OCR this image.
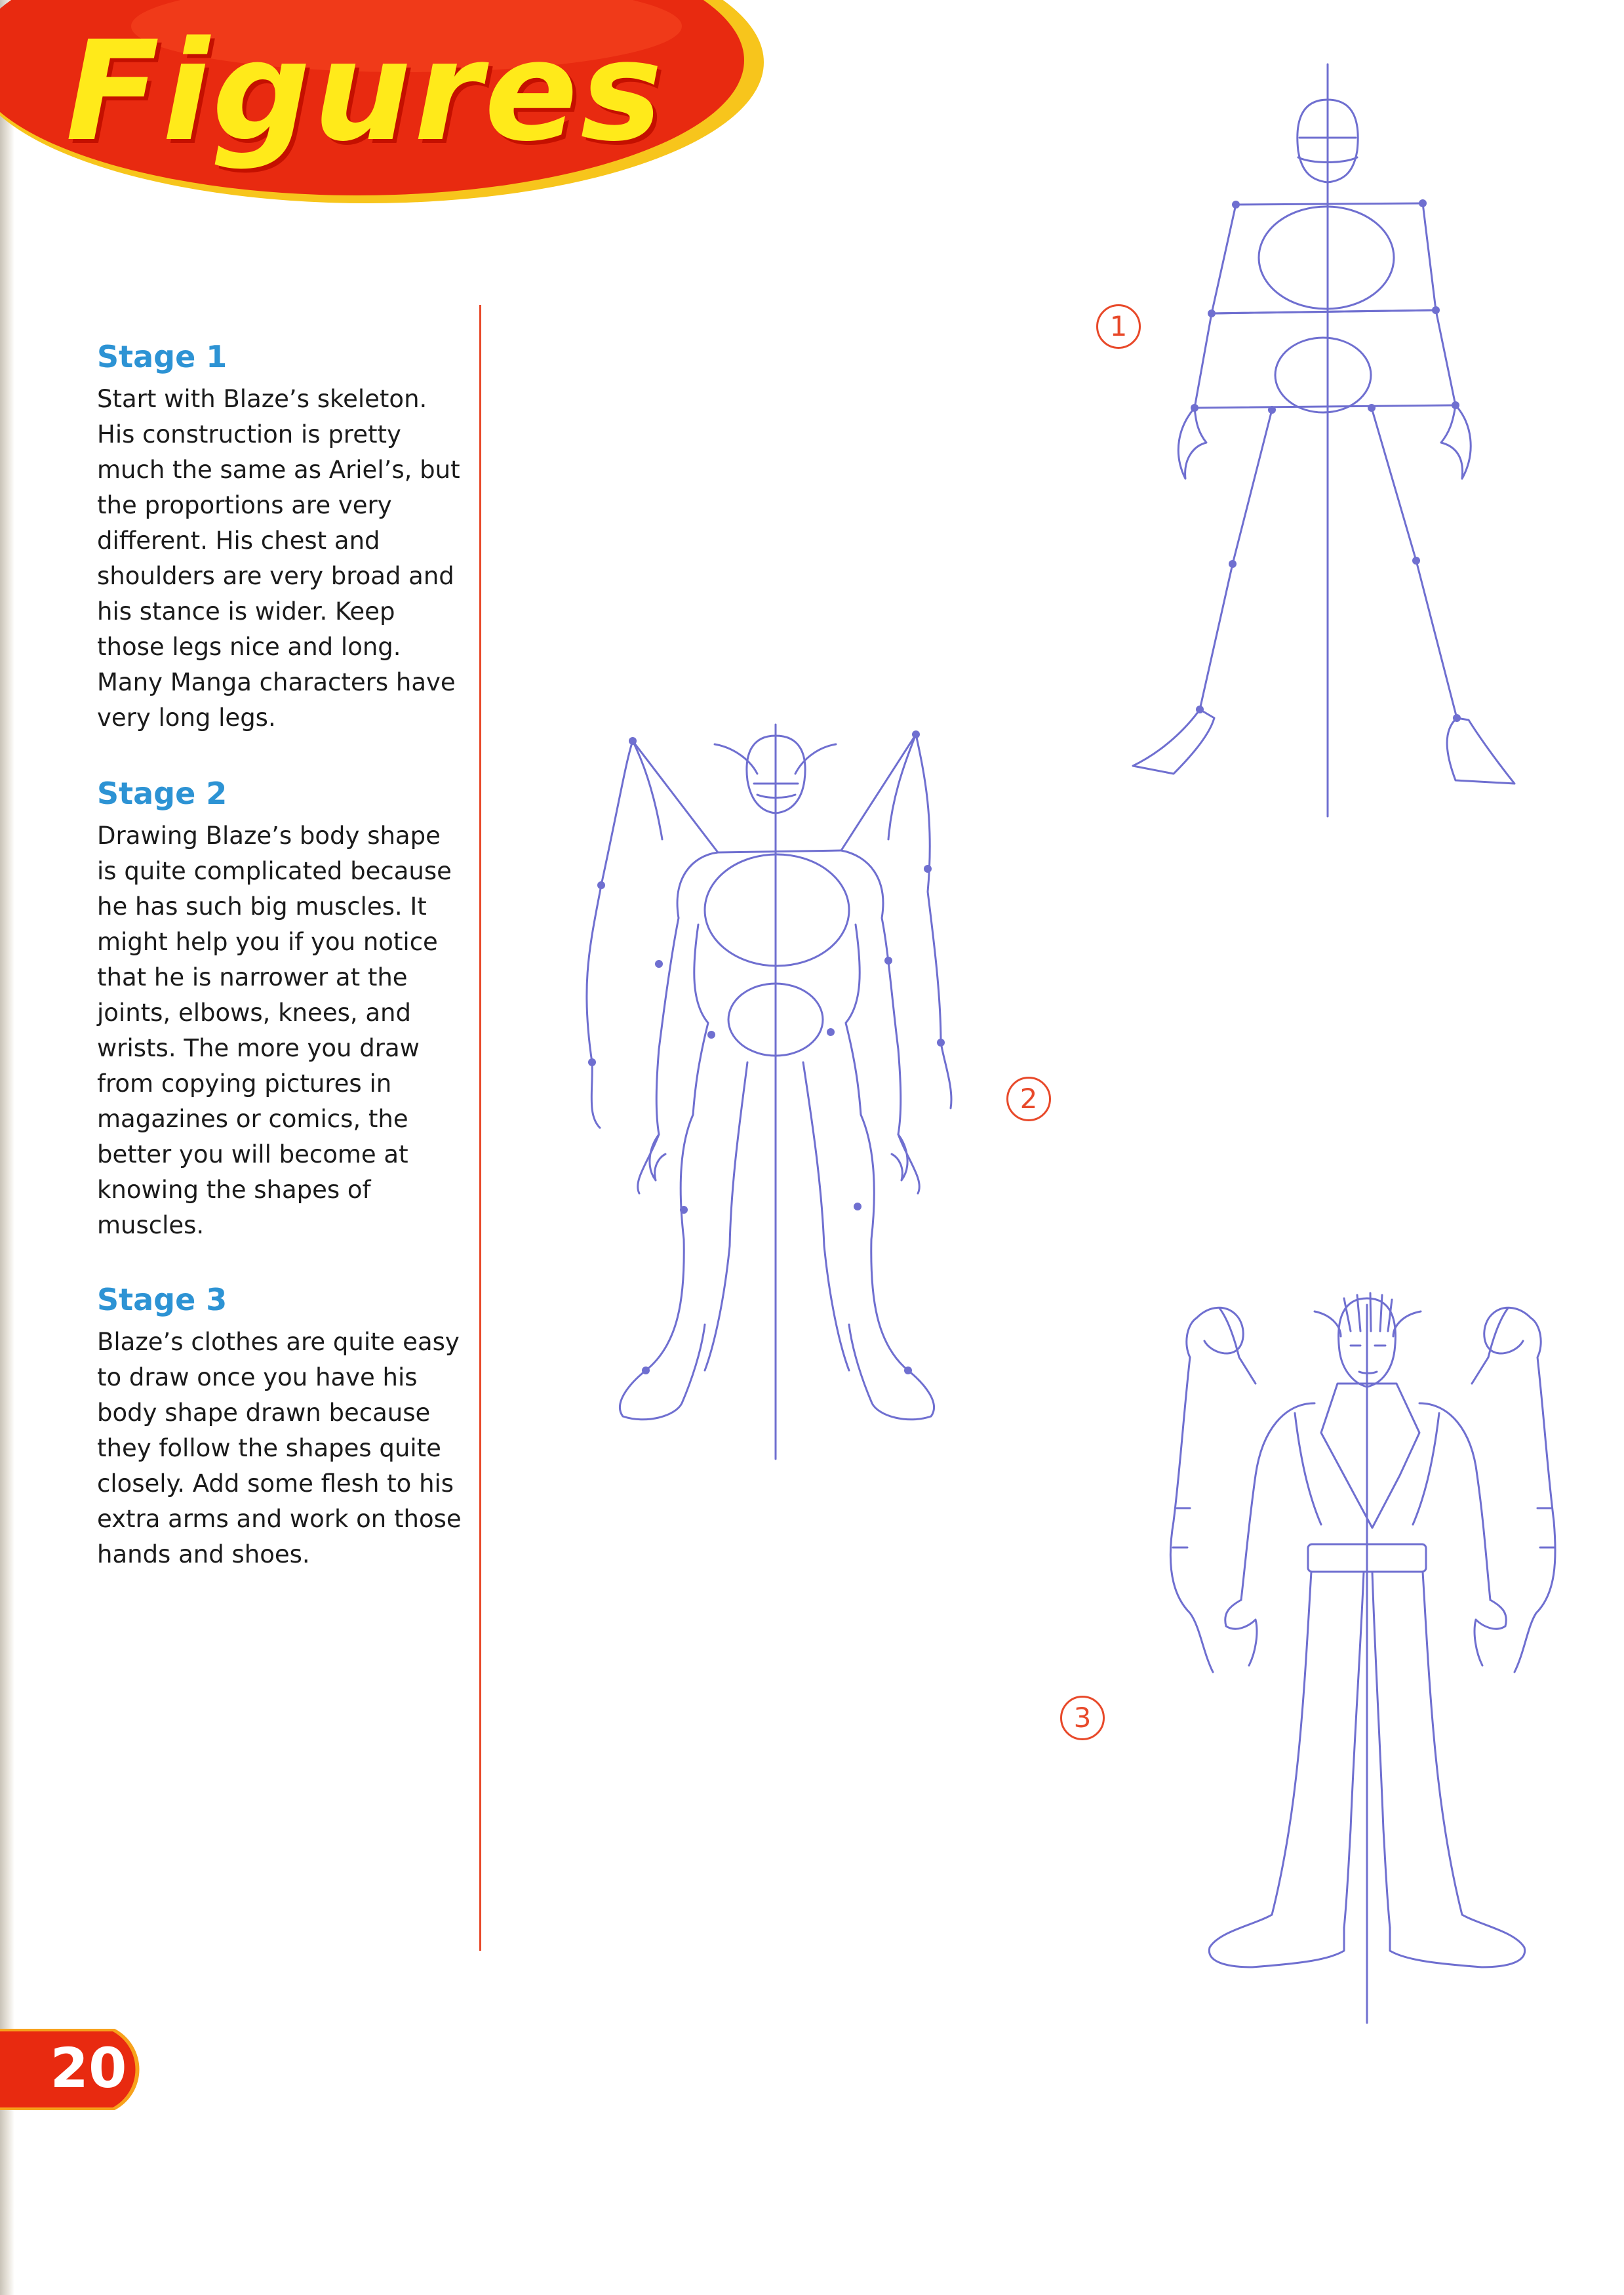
Figures
Stage 1

Start with Blaze’s skeleton. His construction is pretty much the same as Ariel’s, but the proportions are very different. His chest and shoulders are very broad and his stance is wider. Keep those legs nice and long. Many Manga characters have very long legs.

Stage 2

Drawing Blaze’s body shape is quite complicated because he has such big muscles. It might help you if you notice that he is narrower at the joints, elbows, knees, and wrists. The more you draw from copying pictures in magazines or comics, the better you will become at knowing the shapes of muscles.

Stage 3

Blaze’s clothes are quite easy to draw once you have his body shape drawn because they follow the shapes quite closely. Add some flesh to his extra arms and work on those hands and shoes.

1
2
3
20
